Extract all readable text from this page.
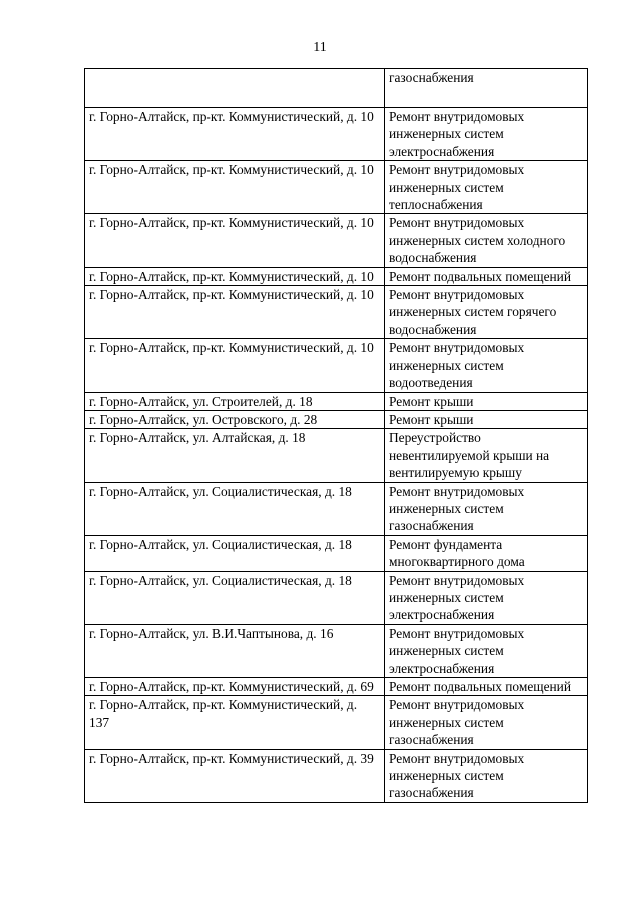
11
	газоснабжения
г. Горно-Алтайск, пр-кт. Коммунистический, д. 10	Ремонт внутридомовых инженерных систем электроснабжения
г. Горно-Алтайск, пр-кт. Коммунистический, д. 10	Ремонт внутридомовых инженерных систем теплоснабжения
г. Горно-Алтайск, пр-кт. Коммунистический, д. 10	Ремонт внутридомовых инженерных систем холодного водоснабжения
г. Горно-Алтайск, пр-кт. Коммунистический, д. 10	Ремонт подвальных помещений
г. Горно-Алтайск, пр-кт. Коммунистический, д. 10	Ремонт внутридомовых инженерных систем горячего водоснабжения
г. Горно-Алтайск, пр-кт. Коммунистический, д. 10	Ремонт внутридомовых инженерных систем водоотведения
г. Горно-Алтайск, ул. Строителей, д. 18	Ремонт крыши
г. Горно-Алтайск, ул. Островского, д. 28	Ремонт крыши
г. Горно-Алтайск, ул. Алтайская, д. 18	Переустройство невентилируемой крыши на вентилируемую крышу
г. Горно-Алтайск, ул. Социалистическая, д. 18	Ремонт внутридомовых инженерных систем газоснабжения
г. Горно-Алтайск, ул. Социалистическая, д. 18	Ремонт фундамента многоквартирного дома
г. Горно-Алтайск, ул. Социалистическая, д. 18	Ремонт внутридомовых инженерных систем электроснабжения
г. Горно-Алтайск, ул. В.И.Чаптынова, д. 16	Ремонт внутридомовых инженерных систем электроснабжения
г. Горно-Алтайск, пр-кт. Коммунистический, д. 69	Ремонт подвальных помещений
г. Горно-Алтайск, пр-кт. Коммунистический, д. 137	Ремонт внутридомовых инженерных систем газоснабжения
г. Горно-Алтайск, пр-кт. Коммунистический, д. 39	Ремонт внутридомовых инженерных систем газоснабжения
